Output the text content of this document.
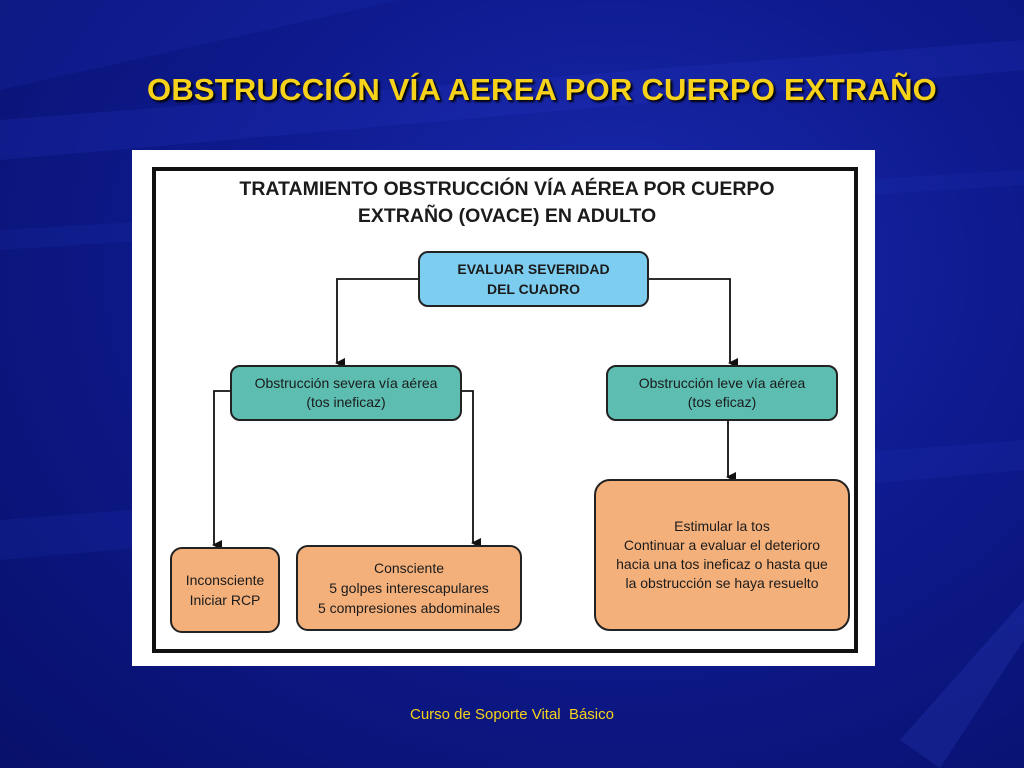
OBSTRUCCIÓN VÍA AEREA POR CUERPO EXTRAÑO
TRATAMIENTO OBSTRUCCIÓN VÍA AÉREA POR CUERPO
EXTRAÑO (OVACE) EN ADULTO
EVALUAR SEVERIDAD
DEL CUADRO
Obstrucción severa vía aérea
(tos ineficaz)
Obstrucción leve vía aérea
(tos eficaz)
Inconsciente
Iniciar RCP
Consciente
5 golpes interescapulares
5 compresiones abdominales
Estimular la tos
Continuar a evaluar el deterioro
hacia una tos ineficaz o hasta que
la obstrucción se haya resuelto
Curso de Soporte Vital  Básico
